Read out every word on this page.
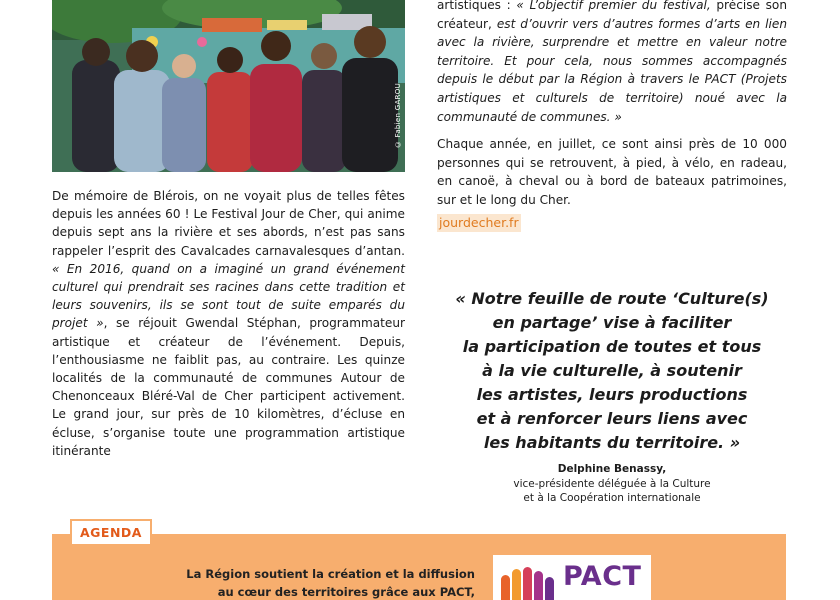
© Fabien GAROU

De mémoire de Blérois, on ne voyait plus de telles fêtes depuis les années 60 ! Le Festival Jour de Cher, qui anime depuis sept ans la rivière et ses abords, n’est pas sans rappeler l’esprit des Cavalcades carnavalesques d’antan. « En 2016, quand on a imaginé un grand événement culturel qui prendrait ses racines dans cette tradition et leurs souvenirs, ils se sont tout de suite emparés du projet », se réjouit Gwendal Stéphan, programmateur artistique et créateur de l’événement. Depuis, l’enthousiasme ne faiblit pas, au contraire. Les quinze localités de la communauté de communes Autour de Chenonceaux Bléré-Val de Cher participent activement. Le grand jour, sur près de 10 kilomètres, d’écluse en écluse, s’organise toute une programmation artistique itinérante

artistiques : « L’objectif premier du festival, précise son créateur, est d’ouvrir vers d’autres formes d’arts en lien avec la rivière, surprendre et mettre en valeur notre territoire. Et pour cela, nous sommes accompagnés depuis le début par la Région à travers le PACT (Projets artistiques et culturels de territoire) noué avec la communauté de communes. »

Chaque année, en juillet, ce sont ainsi près de 10 000 personnes qui se retrouvent, à pied, à vélo, en radeau, en canoë, à cheval ou à bord de bateaux patrimoines, sur et le long du Cher.

jourdecher.fr
« Notre feuille de route ‘Culture(s)
en partage’ vise à faciliter
la participation de toutes et tous
à la vie culturelle, à soutenir
les artistes, leurs productions
et à renforcer leurs liens avec
les habitants du territoire. »
Delphine Benassy,
vice-présidente déléguée à la Culture
et à la Coopération internationale
AGENDA
La Région soutient la création et la diffusion
au cœur des territoires grâce aux PACT,	PACT
